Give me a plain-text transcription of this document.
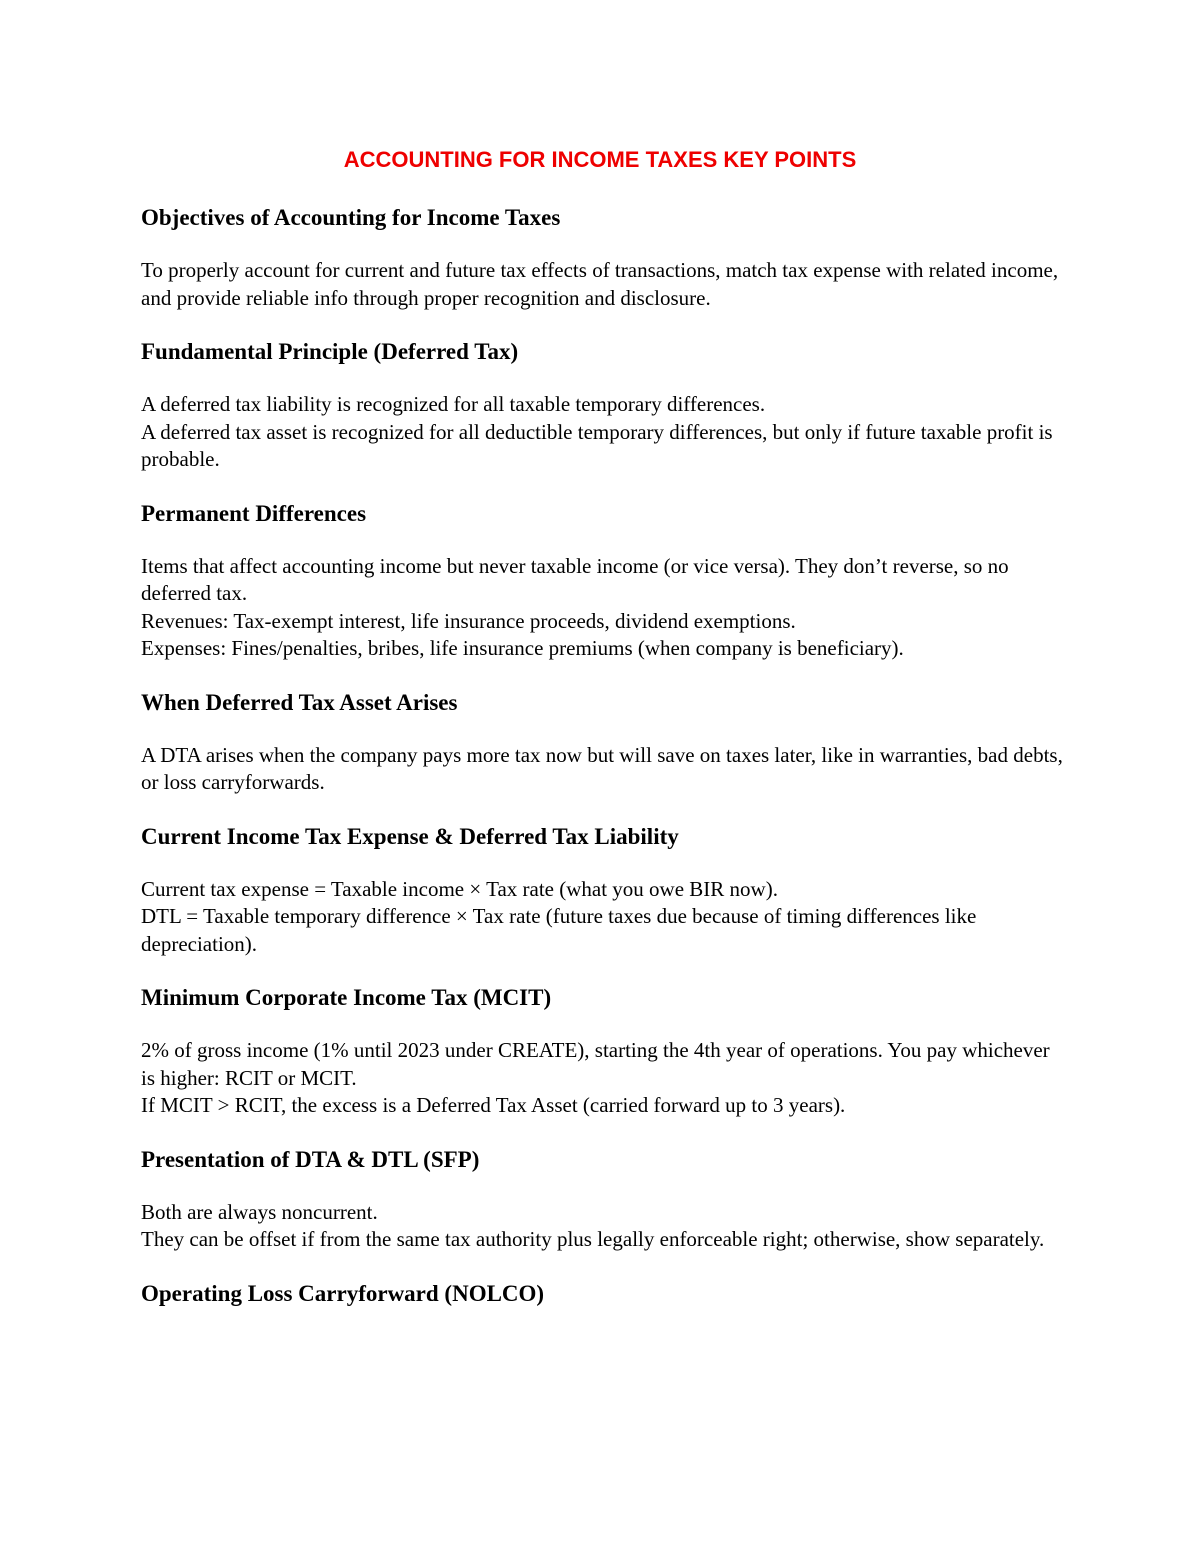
ACCOUNTING FOR INCOME TAXES KEY POINTS
Objectives of Accounting for Income Taxes

To properly account for current and future tax effects of transactions, match tax expense with related income, and provide reliable info through proper recognition and disclosure.

Fundamental Principle (Deferred Tax)

A deferred tax liability is recognized for all taxable temporary differences.

A deferred tax asset is recognized for all deductible temporary differences, but only if future taxable profit is probable.

Permanent Differences

Items that affect accounting income but never taxable income (or vice versa). They don’t reverse, so no deferred tax.

Revenues: Tax-exempt interest, life insurance proceeds, dividend exemptions.

Expenses: Fines/penalties, bribes, life insurance premiums (when company is beneficiary).

When Deferred Tax Asset Arises

A DTA arises when the company pays more tax now but will save on taxes later, like in warranties, bad debts, or loss carryforwards.

Current Income Tax Expense & Deferred Tax Liability

Current tax expense = Taxable income × Tax rate (what you owe BIR now).

DTL = Taxable temporary difference × Tax rate (future taxes due because of timing differences like depreciation).

Minimum Corporate Income Tax (MCIT)

2% of gross income (1% until 2023 under CREATE), starting the 4th year of operations. You pay whichever is higher: RCIT or MCIT.

If MCIT > RCIT, the excess is a Deferred Tax Asset (carried forward up to 3 years).

Presentation of DTA & DTL (SFP)

Both are always noncurrent.

They can be offset if from the same tax authority plus legally enforceable right; otherwise, show separately.

Operating Loss Carryforward (NOLCO)
